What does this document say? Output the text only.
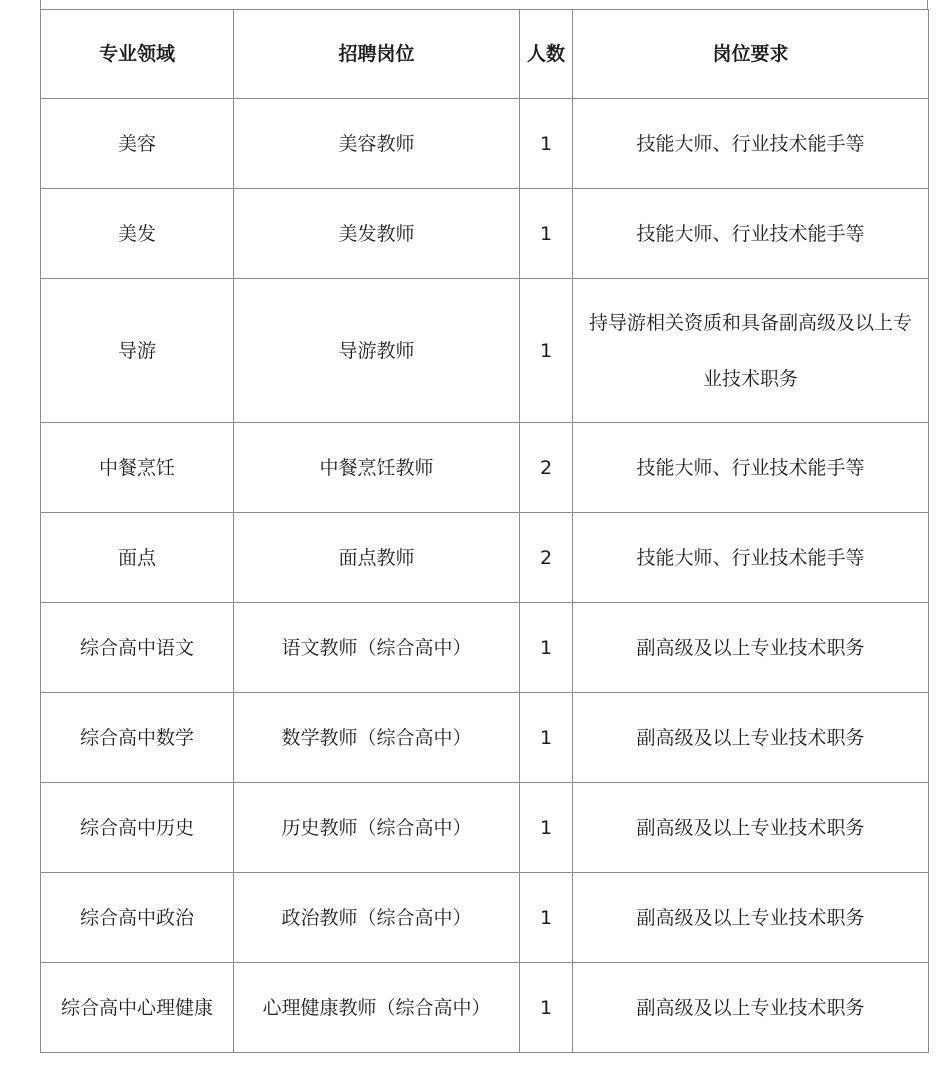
专业领域	招聘岗位	人数	岗位要求
美容	美容教师	1	技能大师、行业技术能手等
美发	美发教师	1	技能大师、行业技术能手等
导游	导游教师	1	持导游相关资质和具备副高级及以上专业技术职务

中餐烹饪	中餐烹饪教师	2	技能大师、行业技术能手等
面点	面点教师	2	技能大师、行业技术能手等
综合高中语文	语文教师（综合高中）	1	副高级及以上专业技术职务
综合高中数学	数学教师（综合高中）	1	副高级及以上专业技术职务
综合高中历史	历史教师（综合高中）	1	副高级及以上专业技术职务
综合高中政治	政治教师（综合高中）	1	副高级及以上专业技术职务
综合高中心理健康	心理健康教师（综合高中）	1	副高级及以上专业技术职务
